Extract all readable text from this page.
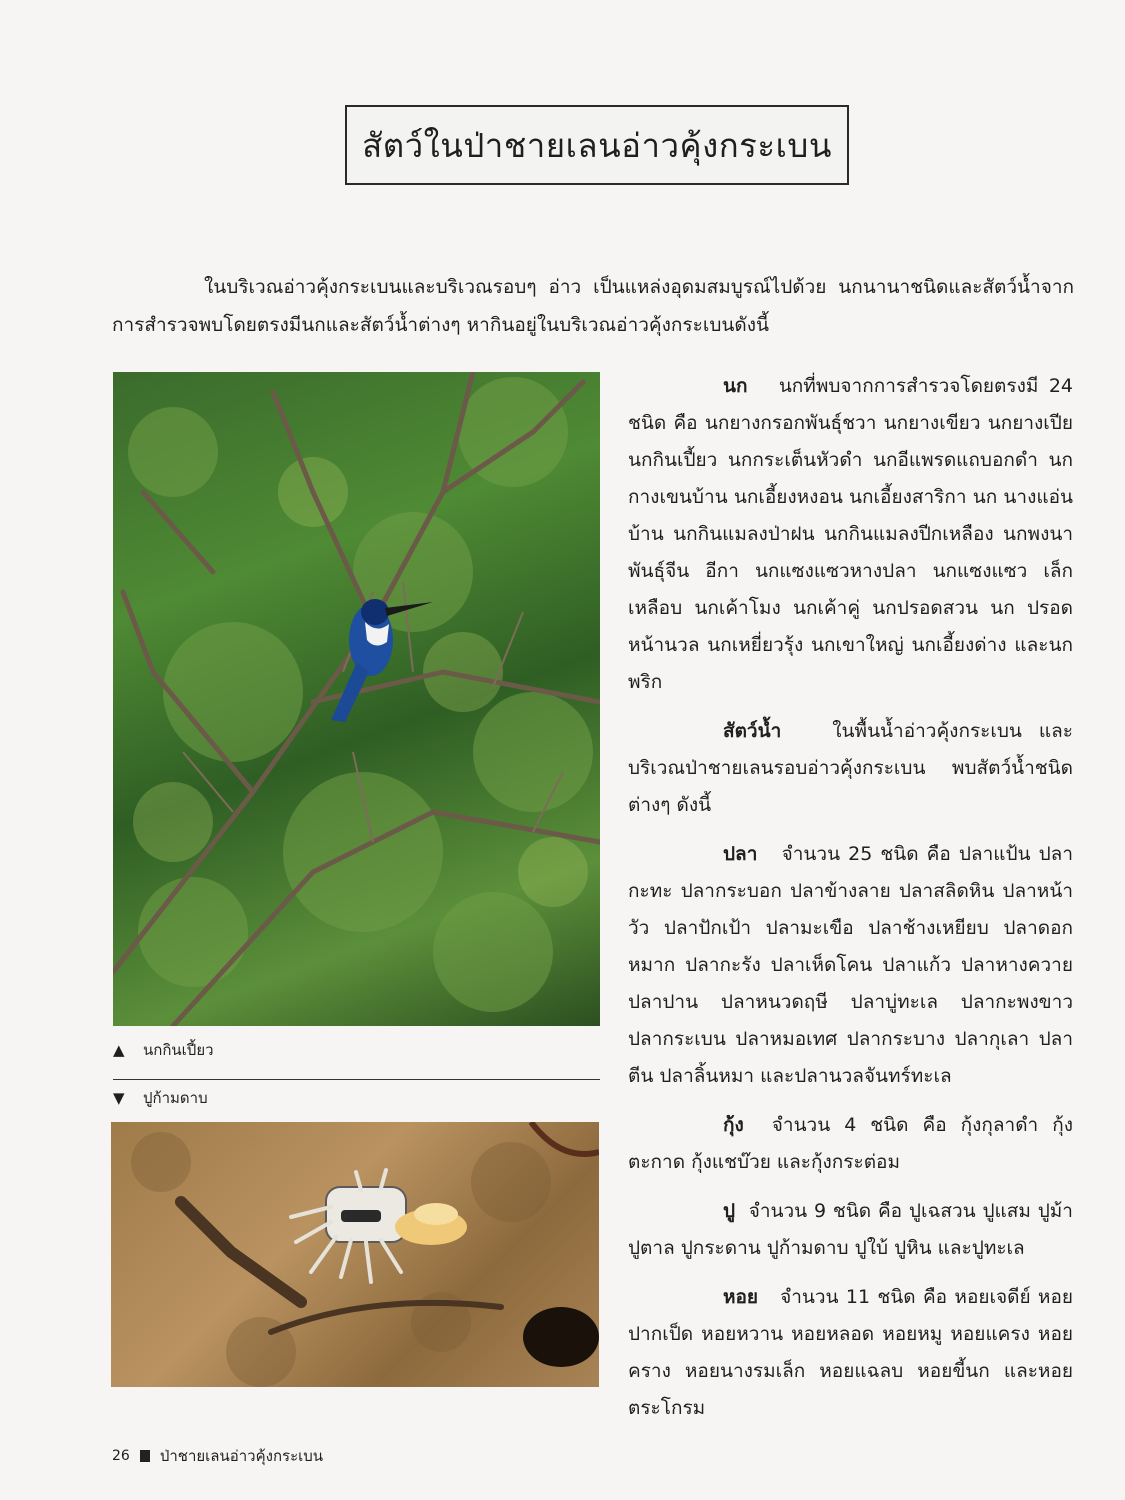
สัตว์ในป่าชายเลนอ่าวคุ้งกระเบน

ในบริเวณอ่าวคุ้งกระเบนและบริเวณรอบๆ อ่าว เป็นแหล่งอุดมสมบูรณ์ไปด้วย นกนานาชนิดและสัตว์น้ำจาก การสำรวจพบโดยตรงมีนกและสัตว์น้ำต่างๆ หากินอยู่ในบริเวณอ่าวคุ้งกระเบนดังนี้

▲	นกกินเปี้ยว
▼	ปูก้ามดาบ

นก นกที่พบจากการสำรวจโดยตรงมี 24 ชนิด คือ นกยางกรอกพันธุ์ชวา นกยางเขียว นกยางเปีย นกกินเปี้ยว นกกระเต็นหัวดำ นกอีแพรดแถบอกดำ นกกางเขนบ้าน นกเอี้ยงหงอน นกเอี้ยงสาริกา นก นางแอ่นบ้าน นกกินแมลงป่าฝน นกกินแมลงปีกเหลือง นกพงนาพันธุ์จีน อีกา นกแซงแซวหางปลา นกแซงแซว เล็กเหลือบ นกเค้าโมง นกเค้าคู่ นกปรอดสวน นก ปรอดหน้านวล นกเหยี่ยวรุ้ง นกเขาใหญ่ นกเอี้ยงด่าง และนกพริก

สัตว์น้ำ	ในพื้นน้ำอ่าวคุ้งกระเบน และ บริเวณป่าชายเลนรอบอ่าวคุ้งกระเบน พบสัตว์น้ำชนิด ต่างๆ ดังนี้

ปลา จำนวน 25 ชนิด คือ ปลาแป้น ปลา กะทะ ปลากระบอก ปลาข้างลาย ปลาสลิดหิน ปลาหน้า วัว ปลาปักเป้า ปลามะเขือ ปลาช้างเหยียบ ปลาดอก หมาก ปลากะรัง ปลาเห็ดโคน ปลาแก้ว ปลาหางควาย ปลาปาน ปลาหนวดฤษี ปลาบู่ทะเล ปลากะพงขาว ปลากระเบน ปลาหมอเทศ ปลากระบาง ปลากุเลา ปลา ตีน ปลาลิ้นหมา และปลานวลจันทร์ทะเล

กุ้ง จำนวน 4 ชนิด คือ กุ้งกุลาดำ กุ้งตะกาด กุ้งแชบ๊วย และกุ้งกระต่อม

ปู จำนวน 9 ชนิด คือ ปูเฉสวน ปูแสม ปูม้า ปูตาล ปูกระดาน ปูก้ามดาบ ปูใบ้ ปูหิน และปูทะเล

หอย จำนวน 11 ชนิด คือ หอยเจดีย์ หอย ปากเป็ด หอยหวาน หอยหลอด หอยหมู หอยแครง หอยคราง หอยนางรมเล็ก หอยแฉลบ หอยขี้นก และหอยตระโกรม

26 ป่าชายเลนอ่าวคุ้งกระเบน
